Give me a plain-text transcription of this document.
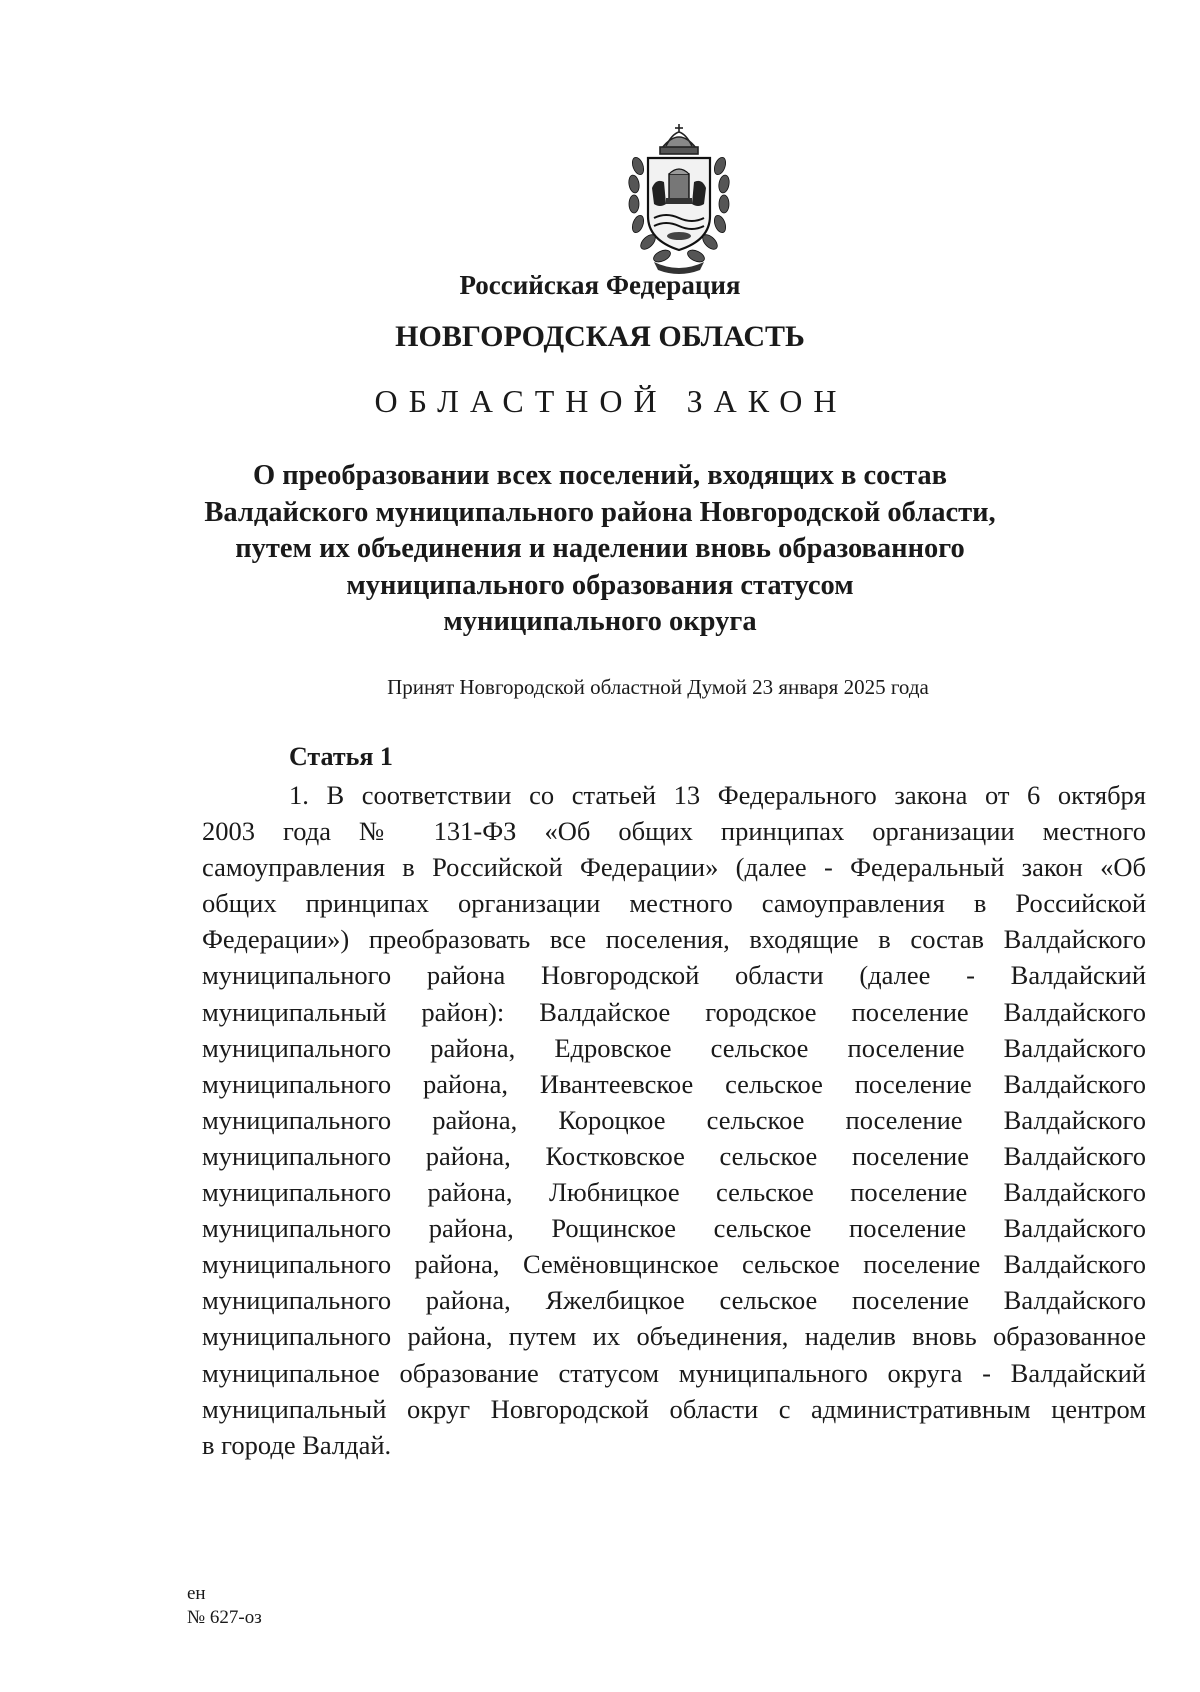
Российская Федерация
НОВГОРОДСКАЯ ОБЛАСТЬ
ОБЛАСТНОЙ ЗАКОН
О преобразовании всех поселений, входящих в состав
Валдайского муниципального района Новгородской области,
путем их объединения и наделении вновь образованного
муниципального образования статусом
муниципального округа
Принят Новгородской областной Думой 23 января 2025 года
Статья 1
1. В соответствии со статьей 13 Федерального закона от 6 октября
2003 года № 131-ФЗ «Об общих принципах организации местного
самоуправления в Российской Федерации» (далее - Федеральный закон «Об
общих принципах организации местного самоуправления в Российской
Федерации») преобразовать все поселения, входящие в состав Валдайского
муниципального района Новгородской области (далее - Валдайский
муниципальный район): Валдайское городское поселение Валдайского
муниципального района, Едровское сельское поселение Валдайского
муниципального района, Ивантеевское сельское поселение Валдайского
муниципального района, Короцкое сельское поселение Валдайского
муниципального района, Костковское сельское поселение Валдайского
муниципального района, Любницкое сельское поселение Валдайского
муниципального района, Рощинское сельское поселение Валдайского
муниципального района, Семёновщинское сельское поселение Валдайского
муниципального района, Яжелбицкое сельское поселение Валдайского
муниципального района, путем их объединения, наделив вновь образованное
муниципальное образование статусом муниципального округа - Валдайский
муниципальный округ Новгородской области с административным центром
в городе Валдай.
ен
№ 627-оз
